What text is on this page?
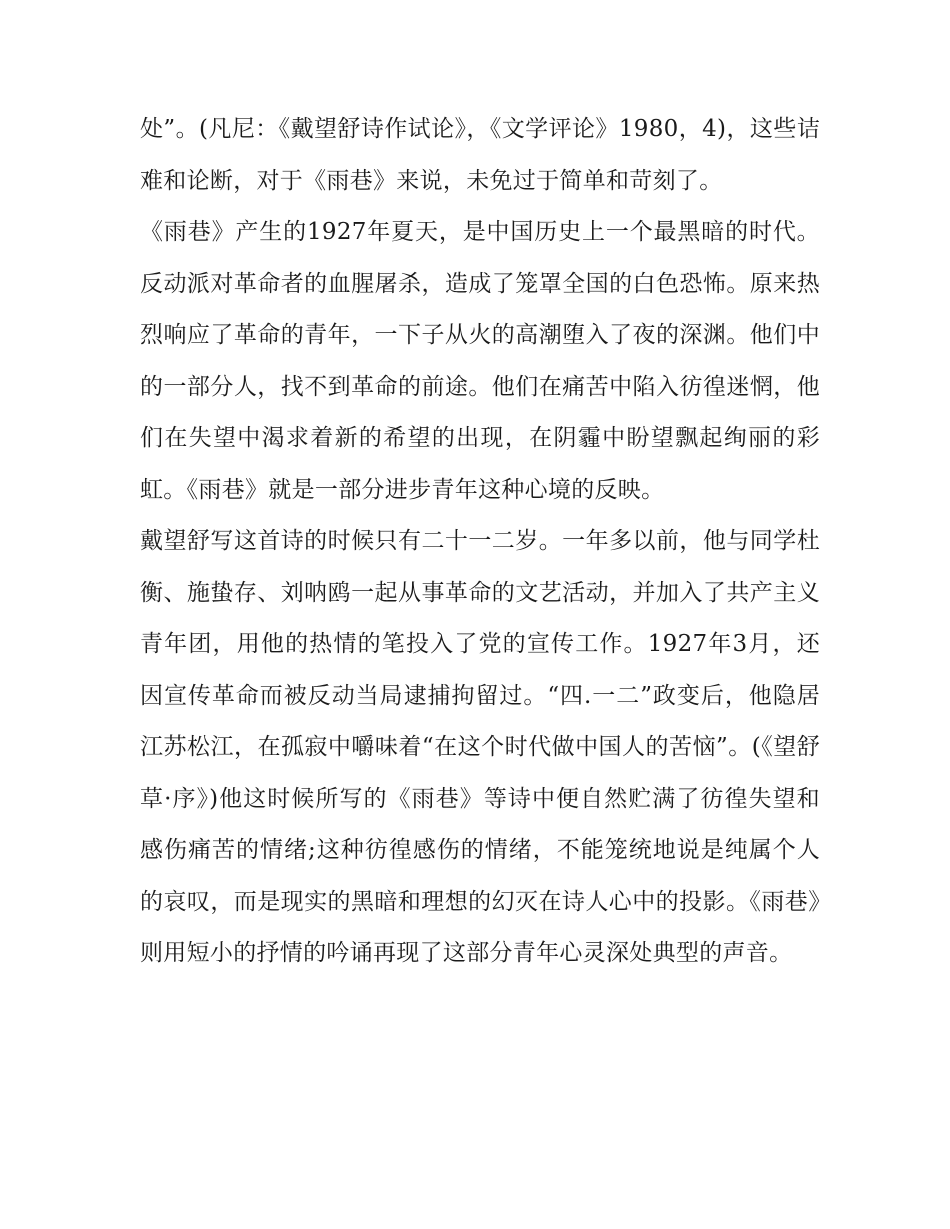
处”。(凡尼：《戴望舒诗作试论》，《文学评论》1980，4)，这些诘难和论断，对于《雨巷》来说，未免过于简单和苛刻了。

《雨巷》产生的1927年夏天，是中国历史上一个最黑暗的时代。反动派对革命者的血腥屠杀，造成了笼罩全国的白色恐怖。原来热烈响应了革命的青年，一下子从火的高潮堕入了夜的深渊。他们中的一部分人，找不到革命的前途。他们在痛苦中陷入彷徨迷惘，他们在失望中渴求着新的希望的出现，在阴霾中盼望飘起绚丽的彩虹。《雨巷》就是一部分进步青年这种心境的反映。

戴望舒写这首诗的时候只有二十一二岁。一年多以前，他与同学杜衡、施蛰存、刘呐鸥一起从事革命的文艺活动，并加入了共产主义青年团，用他的热情的笔投入了党的宣传工作。1927年3月，还因宣传革命而被反动当局逮捕拘留过。“四.一二”政变后，他隐居江苏松江，在孤寂中嚼味着“在这个时代做中国人的苦恼”。(《望舒草·序》)他这时候所写的《雨巷》等诗中便自然贮满了彷徨失望和感伤痛苦的情绪;这种彷徨感伤的情绪，不能笼统地说是纯属个人的哀叹，而是现实的黑暗和理想的幻灭在诗人心中的投影。《雨巷》则用短小的抒情的吟诵再现了这部分青年心灵深处典型的声音。
